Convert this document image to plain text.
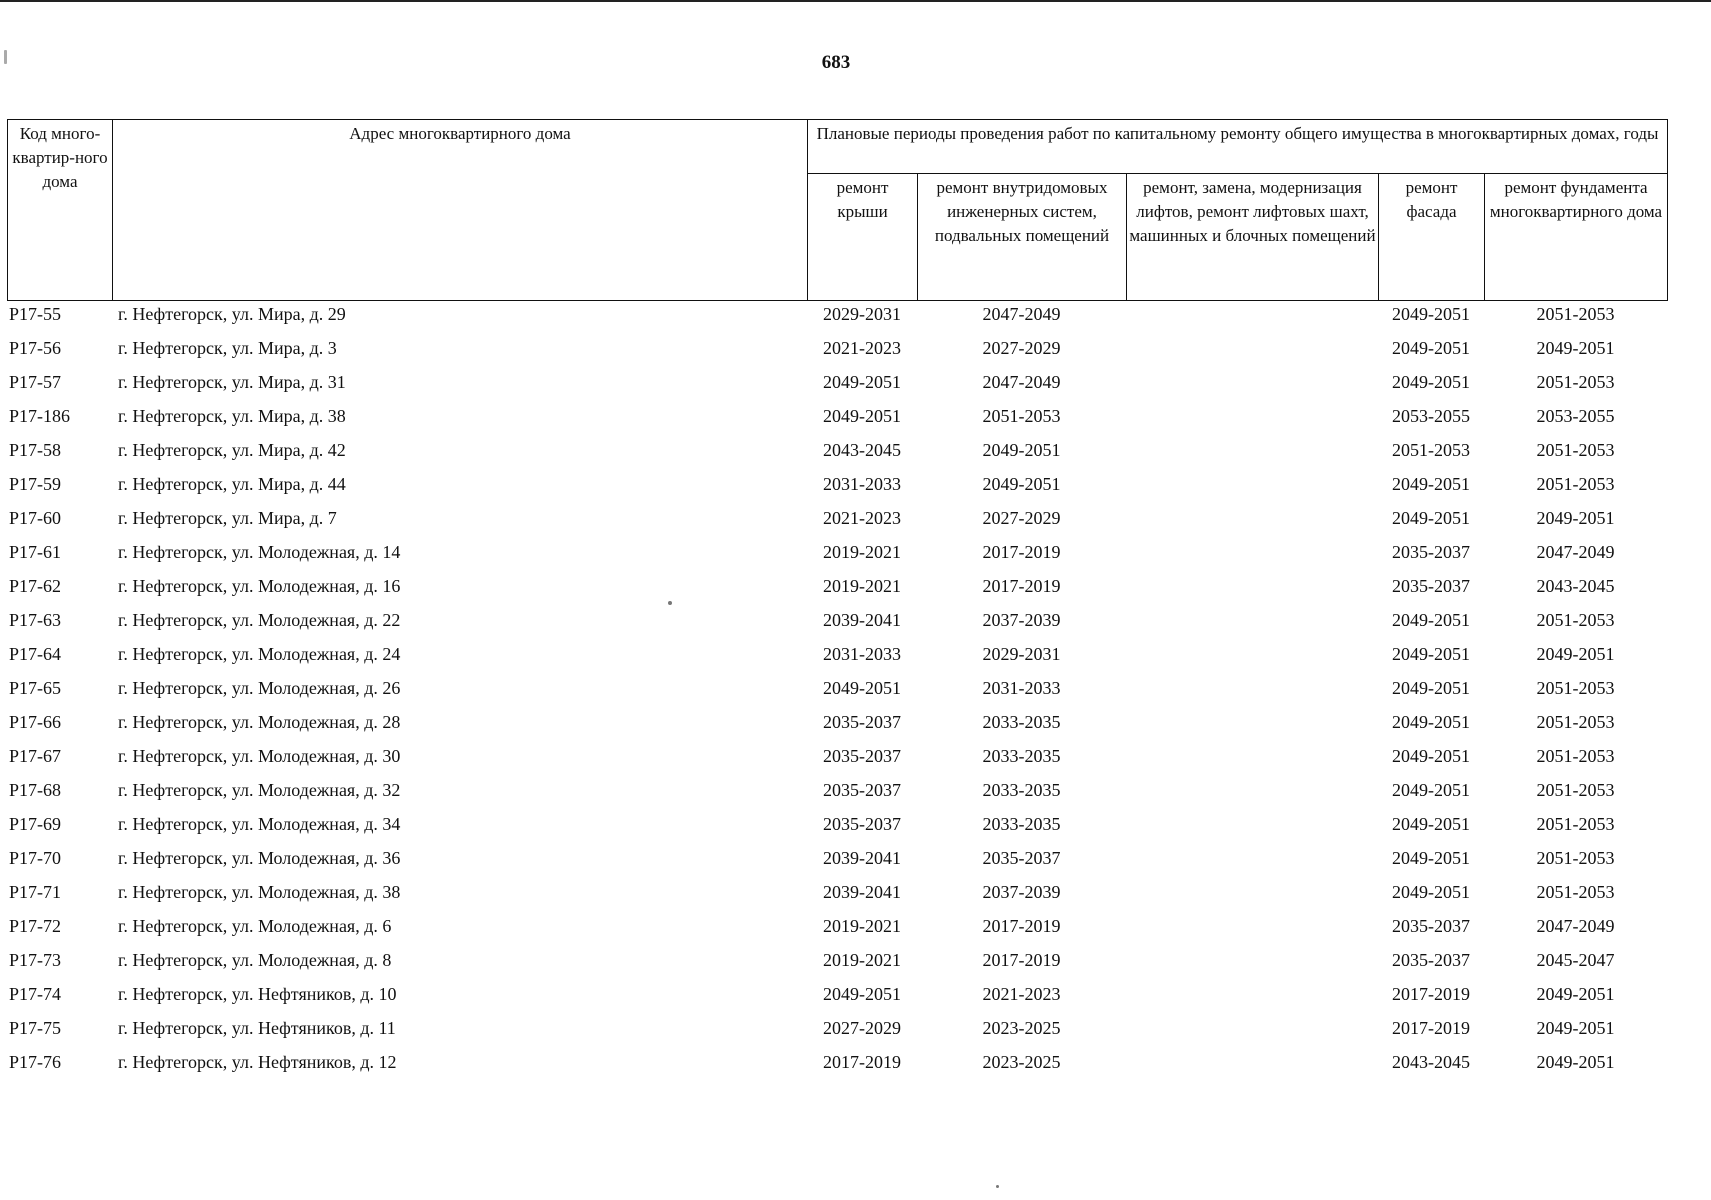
683
Код много-квартир-ного дома	Адрес многоквартирного дома	Плановые периоды проведения работ по капитальному ремонту общего имущества в многоквартирных домах, годы				
		ремонт крыши	ремонт внутридомовых инженерных систем, подвальных помещений	ремонт, замена, модернизация лифтов, ремонт лифтовых шахт, машинных и блочных помещений	ремонт фасада	ремонт фундамента многоквартирного дома
P17-55	г. Нефтегорск, ул. Мира, д. 29	2029-2031	2047-2049		2049-2051	2051-2053
P17-56	г. Нефтегорск, ул. Мира, д. 3	2021-2023	2027-2029		2049-2051	2049-2051
P17-57	г. Нефтегорск, ул. Мира, д. 31	2049-2051	2047-2049		2049-2051	2051-2053
P17-186	г. Нефтегорск, ул. Мира, д. 38	2049-2051	2051-2053		2053-2055	2053-2055
P17-58	г. Нефтегорск, ул. Мира, д. 42	2043-2045	2049-2051		2051-2053	2051-2053
P17-59	г. Нефтегорск, ул. Мира, д. 44	2031-2033	2049-2051		2049-2051	2051-2053
P17-60	г. Нефтегорск, ул. Мира, д. 7	2021-2023	2027-2029		2049-2051	2049-2051
P17-61	г. Нефтегорск, ул. Молодежная, д. 14	2019-2021	2017-2019		2035-2037	2047-2049
P17-62	г. Нефтегорск, ул. Молодежная, д. 16	2019-2021	2017-2019		2035-2037	2043-2045
P17-63	г. Нефтегорск, ул. Молодежная, д. 22	2039-2041	2037-2039		2049-2051	2051-2053
P17-64	г. Нефтегорск, ул. Молодежная, д. 24	2031-2033	2029-2031		2049-2051	2049-2051
P17-65	г. Нефтегорск, ул. Молодежная, д. 26	2049-2051	2031-2033		2049-2051	2051-2053
P17-66	г. Нефтегорск, ул. Молодежная, д. 28	2035-2037	2033-2035		2049-2051	2051-2053
P17-67	г. Нефтегорск, ул. Молодежная, д. 30	2035-2037	2033-2035		2049-2051	2051-2053
P17-68	г. Нефтегорск, ул. Молодежная, д. 32	2035-2037	2033-2035		2049-2051	2051-2053
P17-69	г. Нефтегорск, ул. Молодежная, д. 34	2035-2037	2033-2035		2049-2051	2051-2053
P17-70	г. Нефтегорск, ул. Молодежная, д. 36	2039-2041	2035-2037		2049-2051	2051-2053
P17-71	г. Нефтегорск, ул. Молодежная, д. 38	2039-2041	2037-2039		2049-2051	2051-2053
P17-72	г. Нефтегорск, ул. Молодежная, д. 6	2019-2021	2017-2019		2035-2037	2047-2049
P17-73	г. Нефтегорск, ул. Молодежная, д. 8	2019-2021	2017-2019		2035-2037	2045-2047
P17-74	г. Нефтегорск, ул. Нефтяников, д. 10	2049-2051	2021-2023		2017-2019	2049-2051
P17-75	г. Нефтегорск, ул. Нефтяников, д. 11	2027-2029	2023-2025		2017-2019	2049-2051
P17-76	г. Нефтегорск, ул. Нефтяников, д. 12	2017-2019	2023-2025		2043-2045	2049-2051
